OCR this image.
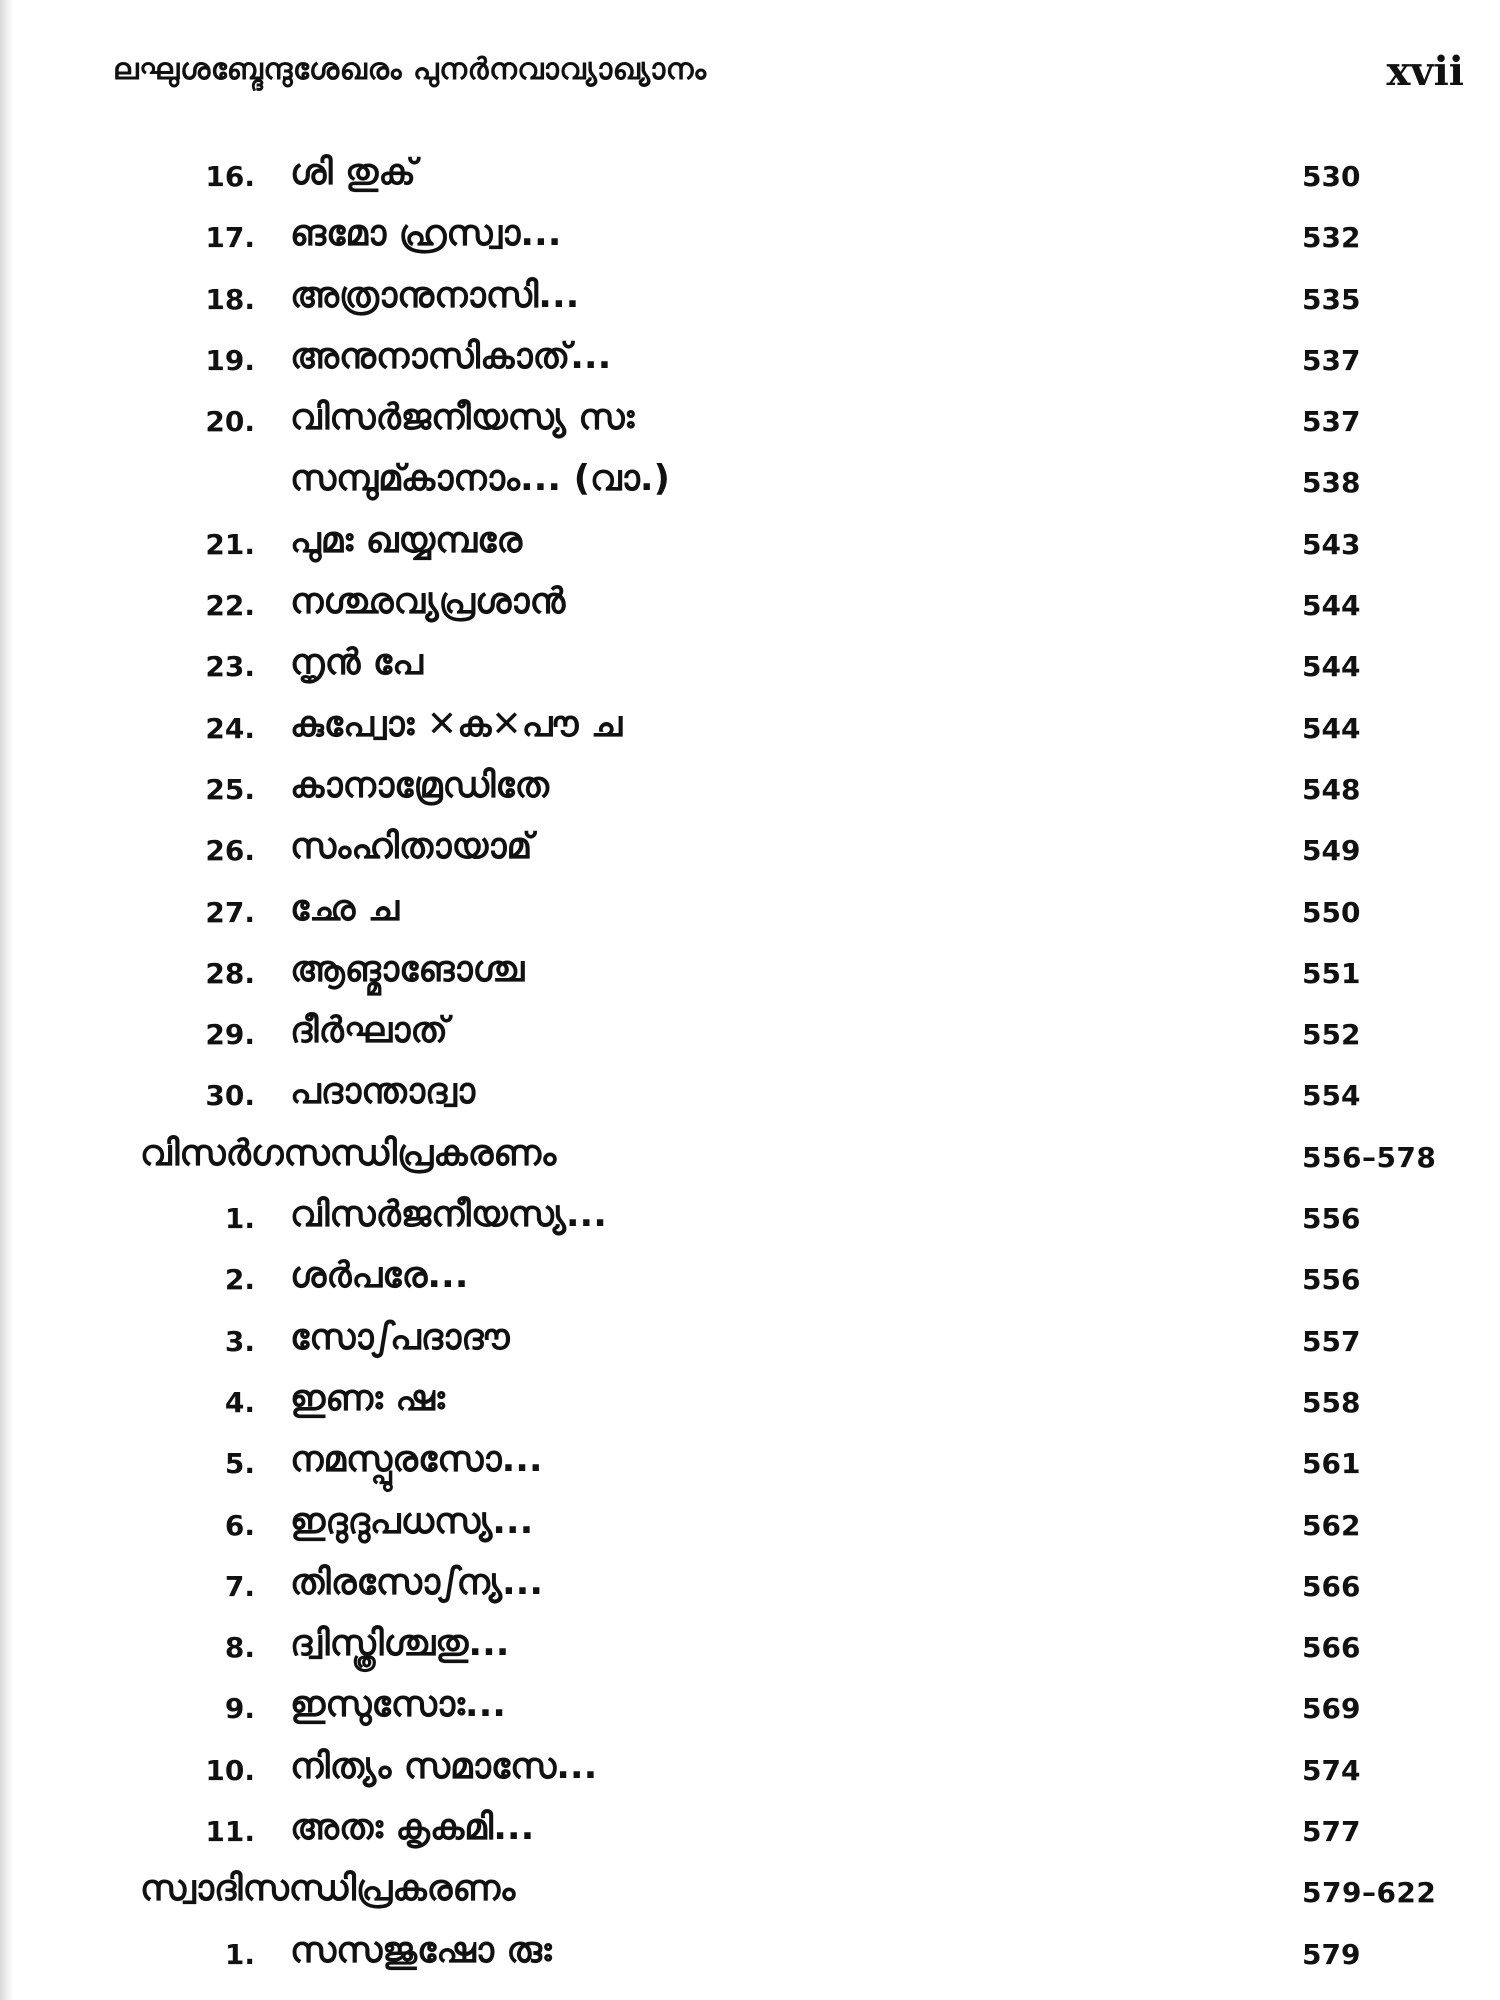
ലഘുശബ്ദേന്ദുശേഖരം പുനർനവാവ്യാഖ്യാനം	xvii
16. ശി തുക്	530
17. ങമോ ഹ്രസ്വാ...	532
18. അത്രാനുനാസി...	535
19. അനുനാസികാത്...	537
20. വിസർജനീയസ്യ സഃ	537
സമ്പുമ്കാനാം... (വാ.)	538
21. പുമഃ ഖയ്യമ്പരേ	543
22. നശ്ഛവ്യപ്രശാൻ	544
23. നൄൻ പേ	544
24. കുപ്വോഃ ✕ക✕പൗ ച	544
25. കാനാമ്രേഡിതേ	548
26. സംഹിതായാമ്	549
27. ഛേ ച	550
28. ആങ്മാങോശ്ച	551
29. ദീർഘാത്	552
30. പദാന്താദ്വാ	554
വിസർഗസന്ധിപ്രകരണം	556–578
1. വിസർജനീയസ്യ...	556
2. ശർപരേ...	556
3. സോഽപദാദൗ	557
4. ഇണഃ ഷഃ	558
5. നമസ്പുരസോ...	561
6. ഇദുദുപധസ്യ...	562
7. തിരസോഽന്യ...	566
8. ദ്വിസ്ത്രിശ്ചതു...	566
9. ഇസുസോഃ...	569
10. നിത്യം സമാസേ...	574
11. അതഃ കൃകമി...	577
സ്വാദിസന്ധിപ്രകരണം	579–622
1. സസജുഷോ രുഃ	579
